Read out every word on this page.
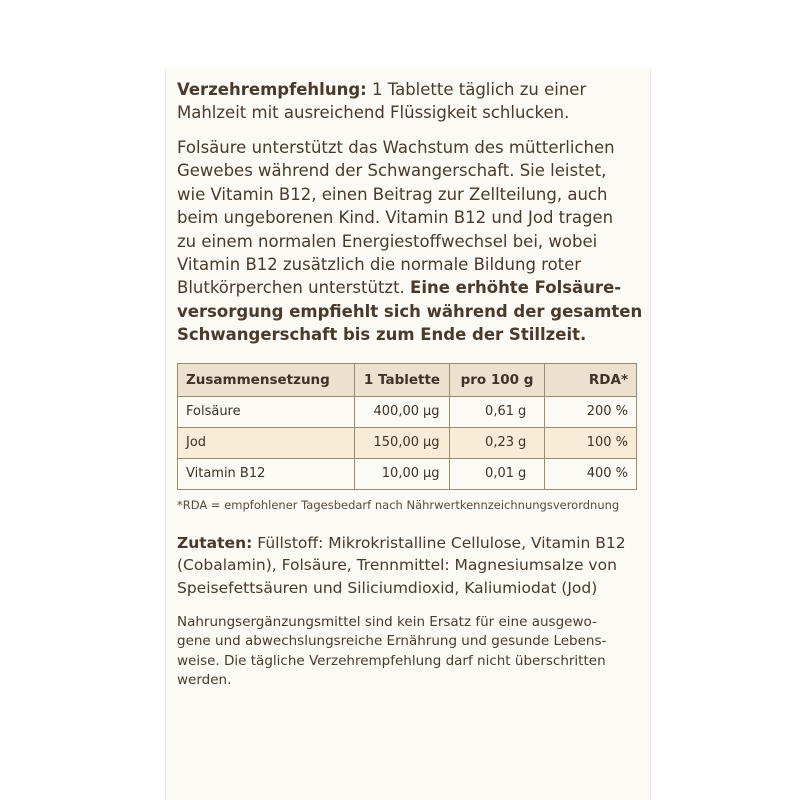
Verzehrempfehlung: 1 Tablette täglich zu einer
Mahlzeit mit ausreichend Flüssigkeit schlucken.

Folsäure unterstützt das Wachstum des mütterlichen
Gewebes während der Schwangerschaft. Sie leistet,
wie Vitamin B12, einen Beitrag zur Zellteilung, auch
beim ungeborenen Kind. Vitamin B12 und Jod tragen
zu einem normalen Energiestoffwechsel bei, wobei
Vitamin B12 zusätzlich die normale Bildung roter
Blutkörperchen unterstützt. Eine erhöhte Folsäure-
versorgung empfiehlt sich während der gesamten
Schwangerschaft bis zum Ende der Stillzeit.

Zusammensetzung	1 Tablette	pro 100 g	RDA*
Folsäure	400,00 µg	0,61 g	200 %
Jod	150,00 µg	0,23 g	100 %
Vitamin B12	10,00 µg	0,01 g	400 %

*RDA = empfohlener Tagesbedarf nach Nährwertkennzeichnungsverordnung

Zutaten: Füllstoff: Mikrokristalline Cellulose, Vitamin B12
(Cobalamin), Folsäure, Trennmittel: Magnesiumsalze von
Speisefettsäuren und Siliciumdioxid, Kaliumiodat (Jod)

Nahrungsergänzungsmittel sind kein Ersatz für eine ausgewo-
gene und abwechslungsreiche Ernährung und gesunde Lebens-
weise. Die tägliche Verzehrempfehlung darf nicht überschritten
werden.
